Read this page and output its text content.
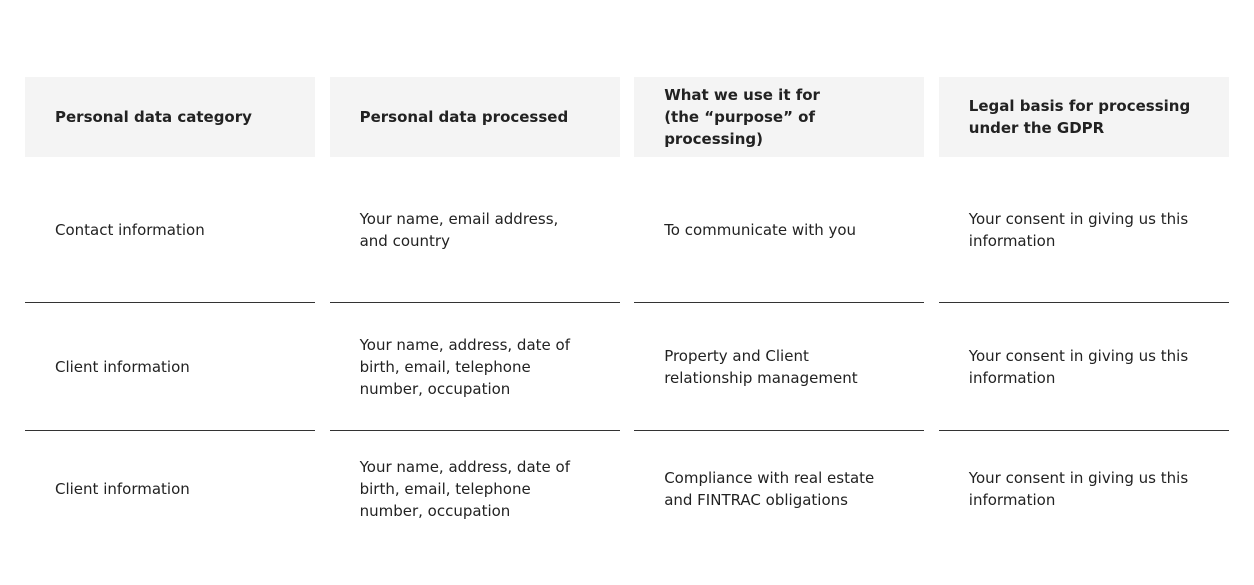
Personal data category	Personal data processed
What we use it for
(the “purpose” of processing)
Legal basis for processing
under the GDPR
Contact information
Your name, email address,
and country
To communicate with you
Your consent in giving us this
information
Client information
Your name, address, date of
birth, email, telephone
number, occupation
Property and Client
relationship management
Your consent in giving us this
information
Client information
Your name, address, date of
birth, email, telephone
number, occupation
Compliance with real estate
and FINTRAC obligations
Your consent in giving us this
information
